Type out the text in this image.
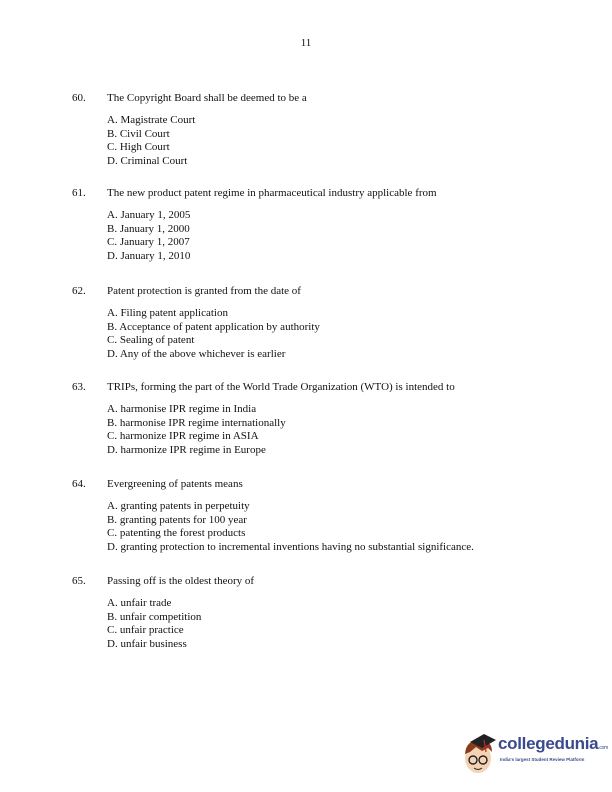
11
60. The Copyright Board shall be deemed to be a
A. Magistrate Court
B. Civil Court
C. High Court
D. Criminal Court
61. The new product patent regime in pharmaceutical industry applicable from
A. January 1, 2005
B. January 1, 2000
C. January 1, 2007
D. January 1, 2010
62. Patent protection is granted from the date of
A. Filing patent application
B. Acceptance of patent application by authority
C. Sealing of patent
D. Any of the above whichever is earlier
63. TRIPs, forming the part of the World Trade Organization (WTO) is intended to
A. harmonise IPR regime in India
B. harmonise IPR regime internationally
C. harmonize IPR regime in ASIA
D. harmonize IPR regime in Europe
64. Evergreening of patents means
A. granting patents in perpetuity
B. granting patents for 100 year
C. patenting the forest products
D. granting protection to incremental inventions having no substantial significance.
65. Passing off is the oldest theory of
A. unfair trade
B. unfair competition
C. unfair practice
D. unfair business
collegedunia.com
India's largest Student Review Platform
